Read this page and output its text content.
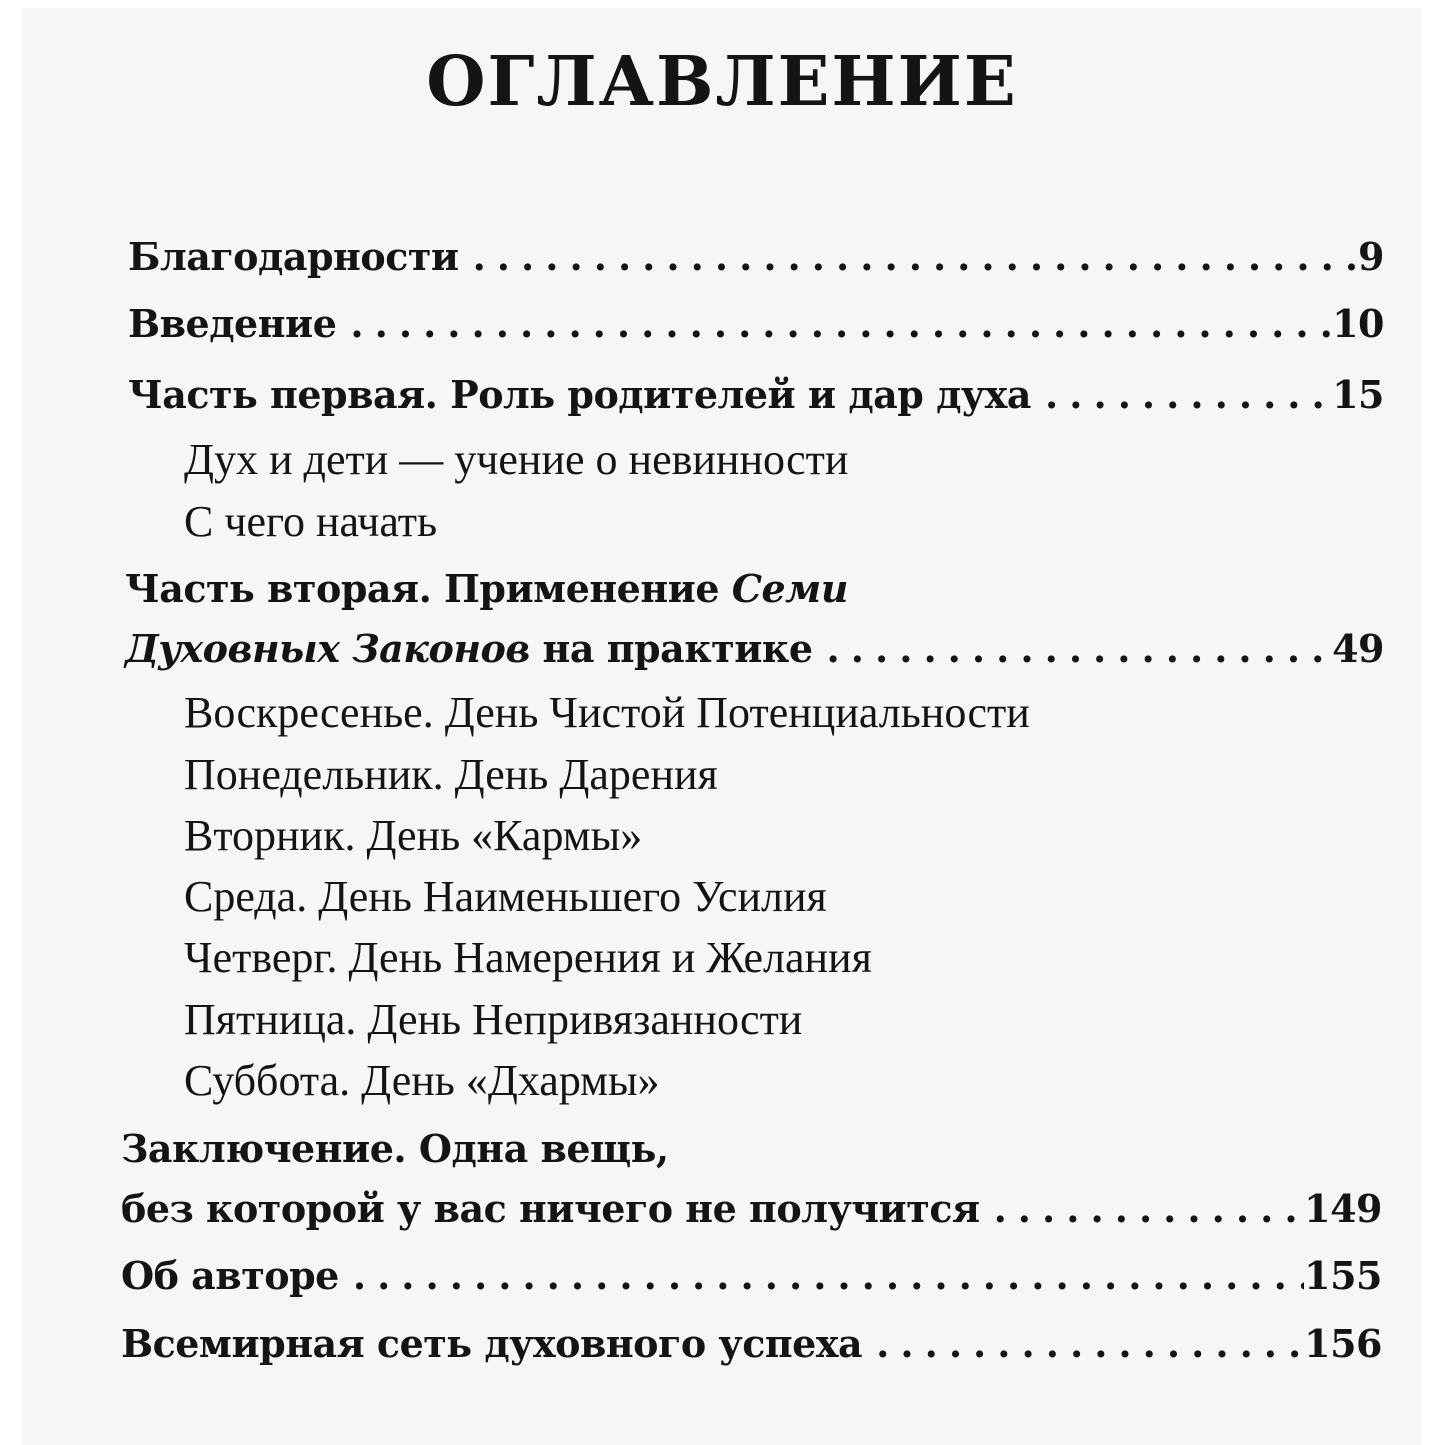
ОГЛАВЛЕНИЕ
Благодарности .....	9
Введение .....	10
Часть первая. Роль родителей и дар духа .....	15
Дух и дети — учение о невинности
С чего начать
Часть вторая. Применение Семи
Духовных Законов на практике .....	49
Воскресенье. День Чистой Потенциальности
Понедельник. День Дарения
Вторник. День «Кармы»
Среда. День Наименьшего Усилия
Четверг. День Намерения и Желания
Пятница. День Непривязанности
Суббота. День «Дхармы»
Заключение. Одна вещь,
без которой у вас ничего не получится .....	149
Об авторе .....	155
Всемирная сеть духовного успеха .....	156
